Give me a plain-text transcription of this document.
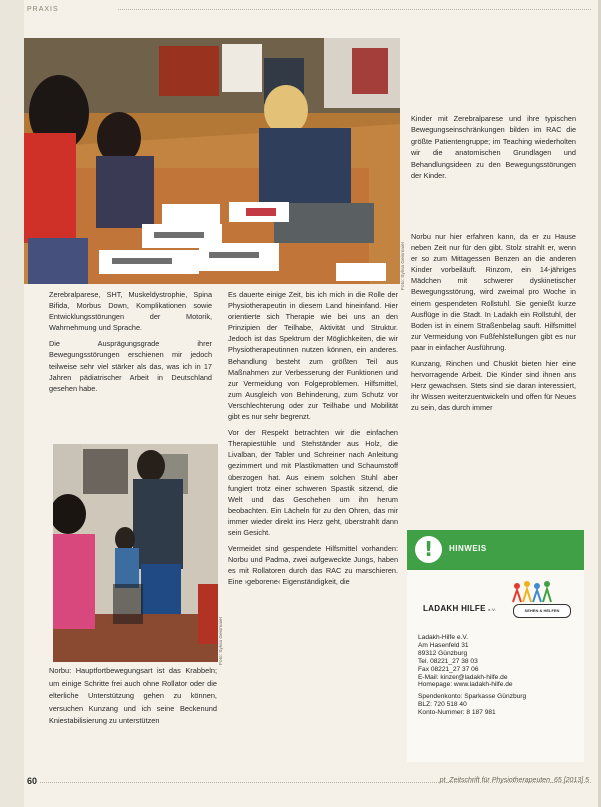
PRAXIS
Foto: Sylvia Geismaier

Zerebralparese, SHT, Muskeldystrophie, Spina Bifida, Morbus Down, Komplikationen sowie Entwicklungsstörungen der Motorik, Wahrnehmung und Sprache.

Die Ausprägungsgrade ihrer Bewegungsstörungen erschienen mir jedoch teilweise sehr viel stärker als das, was ich in 17 Jahren pädiatrischer Arbeit in Deutschland gesehen habe.

Foto: Sylvia Geismaier
Norbu: Hauptfortbewegungsart ist das Krabbeln; um einige Schritte frei auch ohne Rollator oder die elterliche Unterstützung gehen zu können, versuchen Kunzang und ich seine Beckenund Kniestabilisierung zu unterstützen

Es dauerte einige Zeit, bis ich mich in die Rolle der Physiotherapeutin in diesem Land hineinfand. Hier orientierte sich Therapie wie bei uns an den Prinzipien der Teilhabe, Aktivität und Struktur. Jedoch ist das Spektrum der Möglichkeiten, die wir Physiotherapeutinnen nutzen können, ein anderes. Behandlung besteht zum größten Teil aus Maßnahmen zur Verbesserung der Funktionen und zur Vermeidung von Folgeproblemen. Hilfsmittel, zum Ausgleich von Behinderung, zum Schutz vor Verschlechterung oder zur Teilhabe und Mobilität gibt es nur sehr begrenzt.

Vor der Respekt betrachten wir die einfachen Therapiestühle und Stehständer aus Holz, die Livalban, der Tabler und Schreiner nach Anleitung gezimmert und mit Plastikmatten und Schaumstoff überzogen hat. Aus einem solchen Stuhl aber fungiert trotz einer schweren Spastik sitzend, die Welt und das Geschehen um ihn herum beobachten. Ein Lächeln für zu den Ohren, das mir immer wieder direkt ins Herz geht, überstrahlt dann sein Gesicht.

Vermeidet sind gespendete Hilfsmittel vorhanden: Norbu und Padma, zwei aufgeweckte Jungs, haben es mit Rollatoren durch das RAC zu marschieren. Eine ›geborene‹ Eigenständigkeit, die

Kinder mit Zerebralparese und ihre typischen Bewegungseinschränkungen bilden im RAC die größte Patientengruppe; im Teaching wiederholten wir die anatomischen Grundlagen und Behandlungsideen zu den Bewegungsstörungen der Kinder.

Norbu nur hier erfahren kann, da er zu Hause neben Zeit nur für den gibt. Stolz strahlt er, wenn er so zum Mittagessen Benzen an die anderen Kinder vorbeiläuft. Rinzom, ein 14-jähriges Mädchen mit schwerer dyskinetischer Bewegungsstörung, wird zweimal pro Woche in einem gespendeten Rollstuhl. Sie genießt kurze Ausflüge in die Stadt. In Ladakh ein Rollstuhl, der Boden ist in einem Straßenbelag sauft. Hilfsmittel zur Vermeidung von Fußfehlstellungen gibt es nur paar in einfacher Ausführung.

Kunzang, Rinchen und Chuskit bieten hier eine hervorragende Arbeit. Die Kinder sind ihnen ans Herz gewachsen. Stets sind sie daran interessiert, ihr Wissen weiterzuentwickeln und offen für Neues zu sein, das durch immer

!	HINWEIS
LADAKH HILFE e.V.	SEHEN & HELFEN
Ladakh-Hilfe e.V.
Am Hasenfeld 31
89312 Günzburg
Tel. 08221_27 38 03
Fax 08221_27 37 06
E-Mail: kinzer@ladakh-hilfe.de
Homepage: www.ladakh-hilfe.de
Spendenkonto: Sparkasse Günzburg
BLZ: 720 518 40
Konto-Nummer: 8 187 981
60	pt_Zeitschrift für Physiotherapeuten_65 [2013] 5
